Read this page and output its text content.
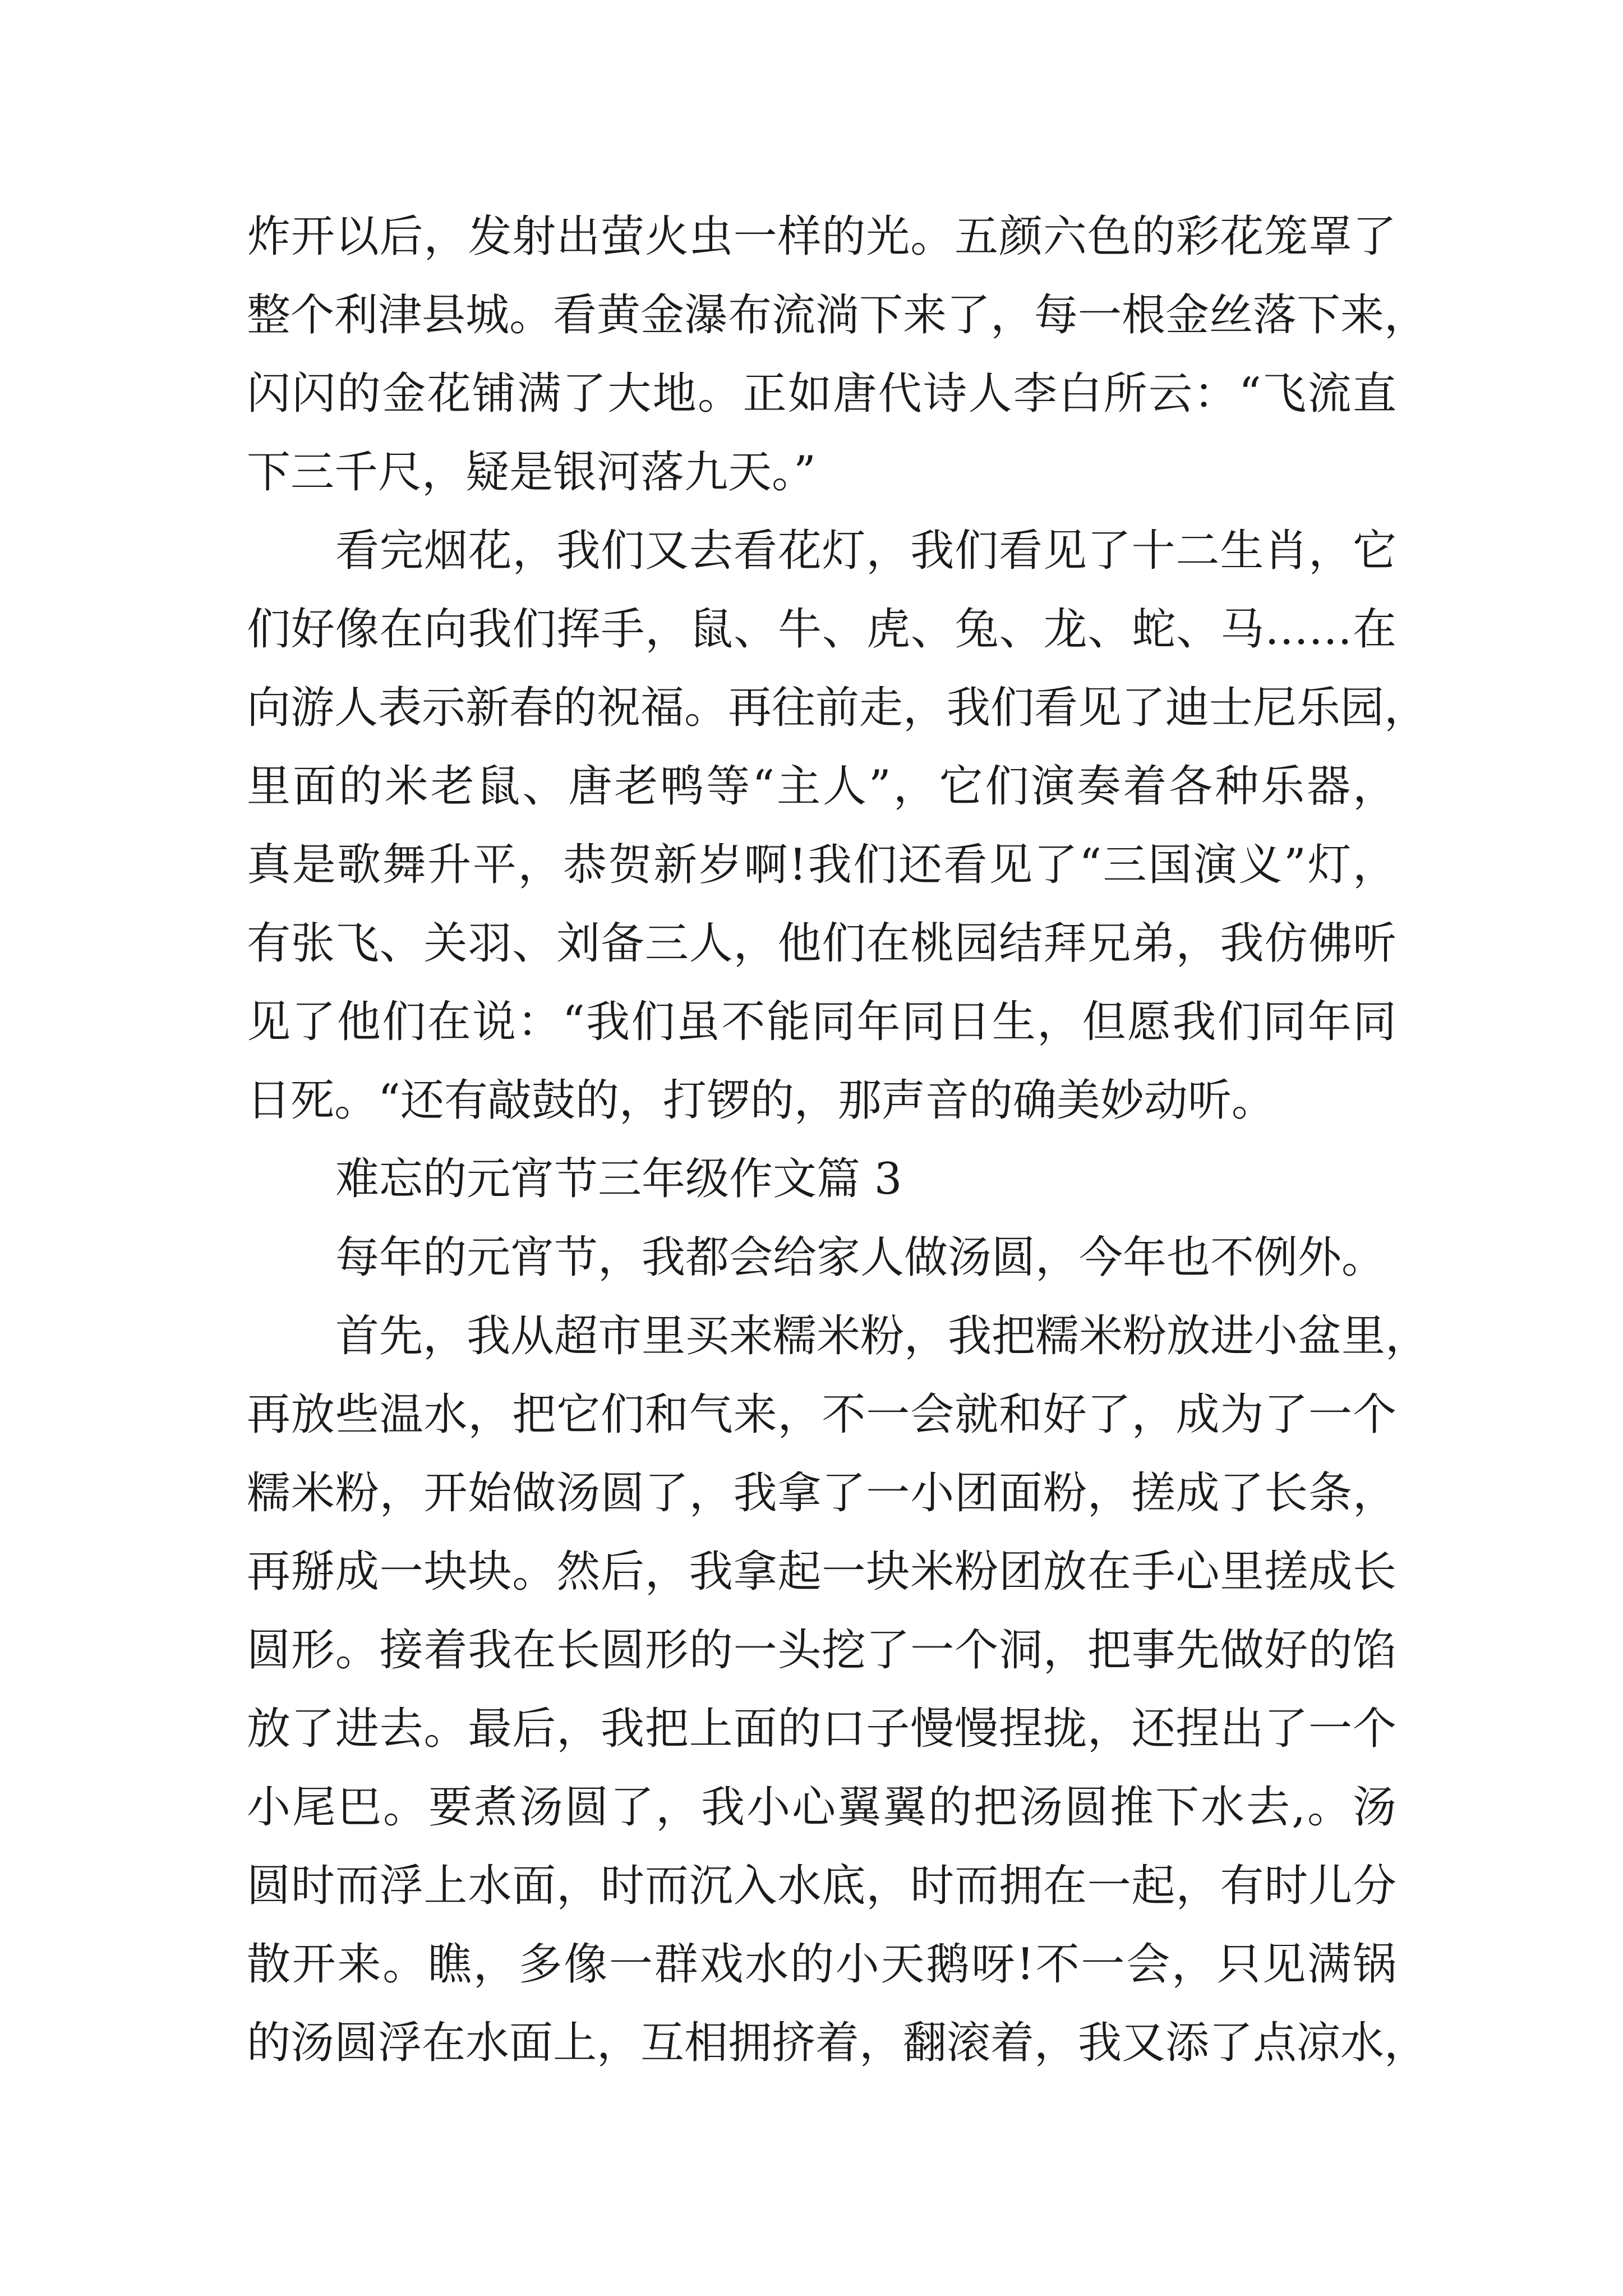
炸开以后，发射出萤火虫一样的光。五颜六色的彩花笼罩了
整个利津县城。看黄金瀑布流淌下来了，每一根金丝落下来，
闪闪的金花铺满了大地。正如唐代诗人李白所云：“飞流直
下三千尺，疑是银河落九天。”
看完烟花，我们又去看花灯，我们看见了十二生肖，它
们好像在向我们挥手，鼠、牛、虎、兔、龙、蛇、马……在
向游人表示新春的祝福。再往前走，我们看见了迪士尼乐园，
里面的米老鼠、唐老鸭等“主人”，它们演奏着各种乐器，
真是歌舞升平，恭贺新岁啊!我们还看见了“三国演义”灯，
有张飞、关羽、刘备三人，他们在桃园结拜兄弟，我仿佛听
见了他们在说：“我们虽不能同年同日生，但愿我们同年同
日死。“还有敲鼓的，打锣的，那声音的确美妙动听。
难忘的元宵节三年级作文篇 3
每年的元宵节，我都会给家人做汤圆，今年也不例外。
首先，我从超市里买来糯米粉，我把糯米粉放进小盆里，
再放些温水，把它们和气来，不一会就和好了，成为了一个
糯米粉，开始做汤圆了，我拿了一小团面粉，搓成了长条，
再掰成一块块。然后，我拿起一块米粉团放在手心里搓成长
圆形。接着我在长圆形的一头挖了一个洞，把事先做好的馅
放了进去。最后，我把上面的口子慢慢捏拢，还捏出了一个
小尾巴。要煮汤圆了，我小心翼翼的把汤圆推下水去,。汤
圆时而浮上水面，时而沉入水底，时而拥在一起，有时儿分
散开来。瞧，多像一群戏水的小天鹅呀!不一会，只见满锅
的汤圆浮在水面上，互相拥挤着，翻滚着，我又添了点凉水，
